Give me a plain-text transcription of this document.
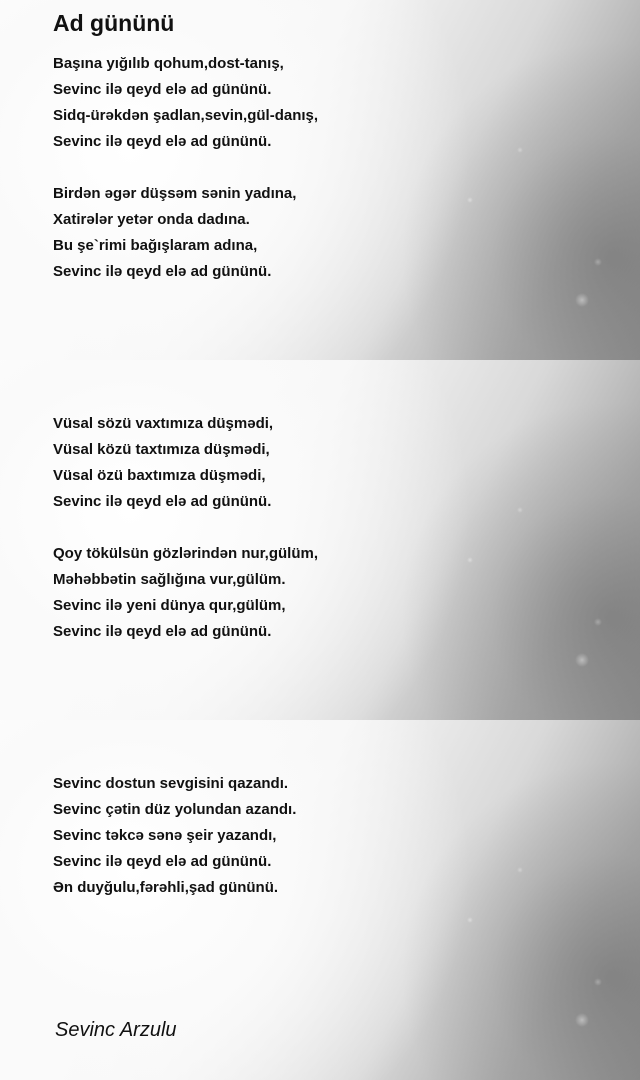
Ad gününü
Başına yığılıb qohum,dost-tanış,
Sevinc ilə qeyd elə ad gününü.
Sidq-ürəkdən şadlan,sevin,gül-danış,
Sevinc ilə qeyd elə ad gününü.
Birdən əgər düşsəm sənin yadına,
Xatirələr yetər onda dadına.
Bu şe`rimi bağışlaram adına,
Sevinc ilə qeyd elə ad gününü.
Vüsal sözü vaxtımıza düşmədi,
Vüsal közü taxtımıza düşmədi,
Vüsal özü baxtımıza düşmədi,
Sevinc ilə qeyd elə ad gününü.
Qoy tökülsün gözlərindən nur,gülüm,
Məhəbbətin sağlığına vur,gülüm.
Sevinc ilə yeni dünya qur,gülüm,
Sevinc ilə qeyd elə ad gününü.
Sevinc dostun sevgisini qazandı.
Sevinc çətin düz yolundan azandı.
Sevinc təkcə sənə şeir yazandı,
Sevinc ilə qeyd elə ad gününü.
Ən duyğulu,fərəhli,şad gününü.
Sevinc Arzulu
